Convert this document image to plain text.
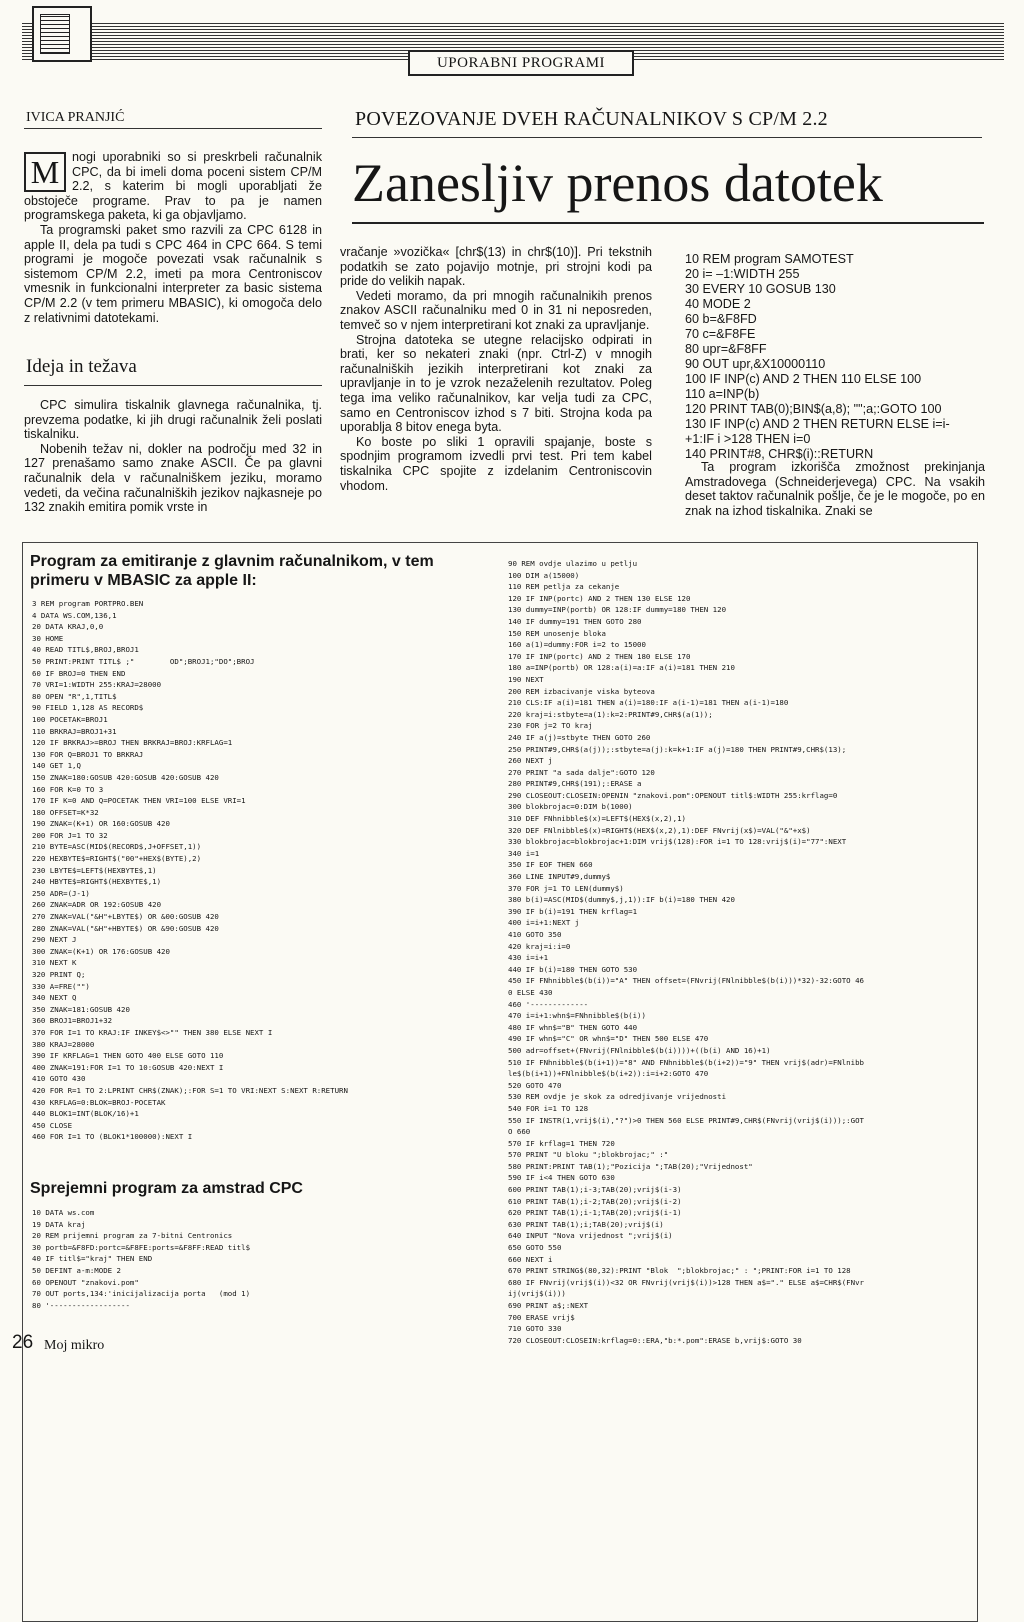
UPORABNI PROGRAMI
IVICA PRANJIĆ	POVEZOVANJE DVEH RAČUNALNIKOV S CP/M 2.2
Zanesljiv prenos datotek
M	nogi uporabniki so si preskrbeli računalnik CPC, da bi imeli doma poceni sistem CP/M 2.2, s katerim bi mogli uporabljati že obstoječe programe. Prav to pa je namen programskega paketa, ki ga objavljamo.

Ta programski paket smo razvili za CPC 6128 in apple II, dela pa tudi s CPC 464 in CPC 664. S temi programi je mogoče povezati vsak računalnik s sistemom CP/M 2.2, imeti pa mora Centroniscov vmesnik in funkcionalni interpreter za basic sistema CP/M 2.2 (v tem primeru MBASIC), ki omogoča delo z relativnimi datotekami.

Ideja in težava

CPC simulira tiskalnik glavnega računalnika, tj. prevzema podatke, ki jih drugi računalnik želi poslati tiskalniku.

Nobenih težav ni, dokler na področju med 32 in 127 prenašamo samo znake ASCII. Če pa glavni računalnik dela v računalniškem jeziku, moramo vedeti, da večina računalniških jezikov najkasneje po 132 znakih emitira pomik vrste in

vračanje »vozička« [chr$(13) in chr$(10)]. Pri tekstnih podatkih se zato pojavijo motnje, pri strojni kodi pa pride do velikih napak.

Vedeti moramo, da pri mnogih računalnikih prenos znakov ASCII računalniku med 0 in 31 ni neposreden, temveč so v njem interpretirani kot znaki za upravljanje.

Strojna datoteka se utegne relacijsko odpirati in brati, ker so nekateri znaki (npr. Ctrl-Z) v mnogih računalniških jezikih interpretirani kot znaki za upravljanje in to je vzrok nezaželenih rezultatov. Poleg tega ima veliko računalnikov, kar velja tudi za CPC, samo en Centroniscov izhod s 7 biti. Strojna koda pa uporablja 8 bitov enega byta.

Ko boste po sliki 1 opravili spajanje, boste s spodnjim programom izvedli prvi test. Pri tem kabel tiskalnika CPC spojite z izdelanim Centroniscovin vhodom.

10 REM program SAMOTEST
20 i= –1:WIDTH 255
30 EVERY 10 GOSUB 130
40 MODE 2
60 b=&F8FD
70 c=&F8FE
80 upr=&F8FF
90 OUT upr,&X10000110
100 IF INP(c) AND 2 THEN 110 ELSE 100
110 a=INP(b)
120 PRINT TAB(0);BIN$(a,8); "";a;:GOTO 100
130 IF INP(c) AND 2 THEN RETURN ELSE i=i-
+1:IF i >128 THEN i=0
140 PRINT#8, CHR$(i)::RETURN

Ta program izkorišča zmožnost prekinjanja Amstradovega (Schneiderjevega) CPC. Na vsakih deset taktov računalnik pošlje, če je le mogoče, po en znak na izhod tiskalnika. Znaki se

Program za emitiranje z glavnim računalnikom, v tem primeru v MBASIC za apple II:
3 REM program PORTPRO.BEN
4 DATA WS.COM,136,1
20 DATA KRAJ,0,0
30 HOME
40 READ TITL$,BROJ,BROJ1
50 PRINT:PRINT TITL$ ;"        OD";BROJ1;"DO";BROJ
60 IF BROJ=0 THEN END
70 VRI=1:WIDTH 255:KRAJ=28000
80 OPEN "R",1,TITL$
90 FIELD 1,128 AS RECORD$
100 POCETAK=BROJ1
110 BRKRAJ=BROJ1+31
120 IF BRKRAJ>=BROJ THEN BRKRAJ=BROJ:KRFLAG=1
130 FOR Q=BROJ1 TO BRKRAJ
140 GET 1,Q
150 ZNAK=180:GOSUB 420:GOSUB 420:GOSUB 420
160 FOR K=0 TO 3
170 IF K=0 AND Q=POCETAK THEN VRI=100 ELSE VRI=1
180 OFFSET=K*32
190 ZNAK=(K+1) OR 160:GOSUB 420
200 FOR J=1 TO 32
210 BYTE=ASC(MID$(RECORD$,J+OFFSET,1))
220 HEXBYTE$=RIGHT$("00"+HEX$(BYTE),2)
230 LBYTE$=LEFT$(HEXBYTE$,1)
240 HBYTE$=RIGHT$(HEXBYTE$,1)
250 ADR=(J-1)
260 ZNAK=ADR OR 192:GOSUB 420
270 ZNAK=VAL("&H"+LBYTE$) OR &00:GOSUB 420
280 ZNAK=VAL("&H"+HBYTE$) OR &90:GOSUB 420
290 NEXT J
300 ZNAK=(K+1) OR 176:GOSUB 420
310 NEXT K
320 PRINT Q;
330 A=FRE("")
340 NEXT Q
350 ZNAK=181:GOSUB 420
360 BROJ1=BROJ1+32
370 FOR I=1 TO KRAJ:IF INKEY$<>"" THEN 380 ELSE NEXT I
380 KRAJ=28000
390 IF KRFLAG=1 THEN GOTO 400 ELSE GOTO 110
400 ZNAK=191:FOR I=1 TO 10:GOSUB 420:NEXT I
410 GOTO 430
420 FOR R=1 TO 2:LPRINT CHR$(ZNAK);:FOR S=1 TO VRI:NEXT S:NEXT R:RETURN
430 KRFLAG=0:BLOK=BROJ-POCETAK
440 BLOK1=INT(BLOK/16)+1
450 CLOSE
460 FOR I=1 TO (BLOK1*100000):NEXT I
Sprejemni program za amstrad CPC
10 DATA ws.com
19 DATA kraj
20 REM prijemni program za 7-bitni Centronics
30 portb=&F8FD:portc=&F8FE:ports=&F8FF:READ titl$
40 IF titl$="kraj" THEN END
50 DEFINT a-m:MODE 2
60 OPENOUT "znakovi.pom"
70 OUT ports,134:'inicijalizacija porta   (mod 1)
80 '------------------
90 REM ovdje ulazimo u petlju
100 DIM a(15000)
110 REM petlja za cekanje
120 IF INP(portc) AND 2 THEN 130 ELSE 120
130 dummy=INP(portb) OR 128:IF dummy=180 THEN 120
140 IF dummy=191 THEN GOTO 280
150 REM unosenje bloka
160 a(1)=dummy:FOR i=2 to 15000
170 IF INP(portc) AND 2 THEN 180 ELSE 170
180 a=INP(portb) OR 128:a(i)=a:IF a(i)=181 THEN 210
190 NEXT
200 REM izbacivanje viska byteova
210 CLS:IF a(i)=181 THEN a(i)=180:IF a(i-1)=181 THEN a(i-1)=180
220 kraj=i:stbyte=a(1):k=2:PRINT#9,CHR$(a(1));
230 FOR j=2 TO kraj
240 IF a(j)=stbyte THEN GOTO 260
250 PRINT#9,CHR$(a(j));:stbyte=a(j):k=k+1:IF a(j)=180 THEN PRINT#9,CHR$(13);
260 NEXT j
270 PRINT "a sada dalje":GOTO 120
280 PRINT#9,CHR$(191);:ERASE a
290 CLOSEOUT:CLOSEIN:OPENIN "znakovi.pom":OPENOUT titl$:WIDTH 255:krflag=0
300 blokbrojac=0:DIM b(1000)
310 DEF FNhnibble$(x)=LEFT$(HEX$(x,2),1)
320 DEF FNlnibble$(x)=RIGHT$(HEX$(x,2),1):DEF FNvrij(x$)=VAL("&"+x$)
330 blokbrojac=blokbrojac+1:DIM vrij$(128):FOR i=1 TO 128:vrij$(i)="77":NEXT
340 i=1
350 IF EOF THEN 660
360 LINE INPUT#9,dummy$
370 FOR j=1 TO LEN(dummy$)
380 b(i)=ASC(MID$(dummy$,j,1)):IF b(i)=180 THEN 420
390 IF b(i)=191 THEN krflag=1
400 i=i+1:NEXT j
410 GOTO 350
420 kraj=i:i=0
430 i=i+1
440 IF b(i)=180 THEN GOTO 530
450 IF FNhnibble$(b(i))="A" THEN offset=(FNvrij(FNlnibble$(b(i)))*32)-32:GOTO 46
0 ELSE 430
460 '-------------
470 i=i+1:whn$=FNhnibble$(b(i))
480 IF whn$="B" THEN GOTO 440
490 IF whn$="C" OR whn$="D" THEN 500 ELSE 470
500 adr=offset+(FNvrij(FNlnibble$(b(i))))+((b(i) AND 16)+1)
510 IF FNhnibble$(b(i+1))="8" AND FNhnibble$(b(i+2))="9" THEN vrij$(adr)=FNlnibb
le$(b(i+1))+FNlnibble$(b(i+2)):i=i+2:GOTO 470
520 GOTO 470
530 REM ovdje je skok za odredjivanje vrijednosti
540 FOR i=1 TO 128
550 IF INSTR(1,vrij$(i),"?")>0 THEN 560 ELSE PRINT#9,CHR$(FNvrij(vrij$(i)));:GOT
O 660
570 IF krflag=1 THEN 720
570 PRINT "U bloku ";blokbrojac;" :"
580 PRINT:PRINT TAB(1);"Pozicija ";TAB(20);"Vrijednost"
590 IF i<4 THEN GOTO 630
600 PRINT TAB(1);i-3;TAB(20);vrij$(i-3)
610 PRINT TAB(1);i-2;TAB(20);vrij$(i-2)
620 PRINT TAB(1);i-1;TAB(20);vrij$(i-1)
630 PRINT TAB(1);i;TAB(20);vrij$(i)
640 INPUT "Nova vrijednost ";vrij$(i)
650 GOTO 550
660 NEXT i
670 PRINT STRING$(80,32):PRINT "Blok  ";blokbrojac;" : ";PRINT:FOR i=1 TO 128
680 IF FNvrij(vrij$(i))<32 OR FNvrij(vrij$(i))>128 THEN a$="." ELSE a$=CHR$(FNvr
ij(vrij$(i)))
690 PRINT a$;:NEXT
700 ERASE vrij$
710 GOTO 330
720 CLOSEOUT:CLOSEIN:krflag=0::ERA,"b:*.pom":ERASE b,vrij$:GOTO 30
26 Moj mikro
